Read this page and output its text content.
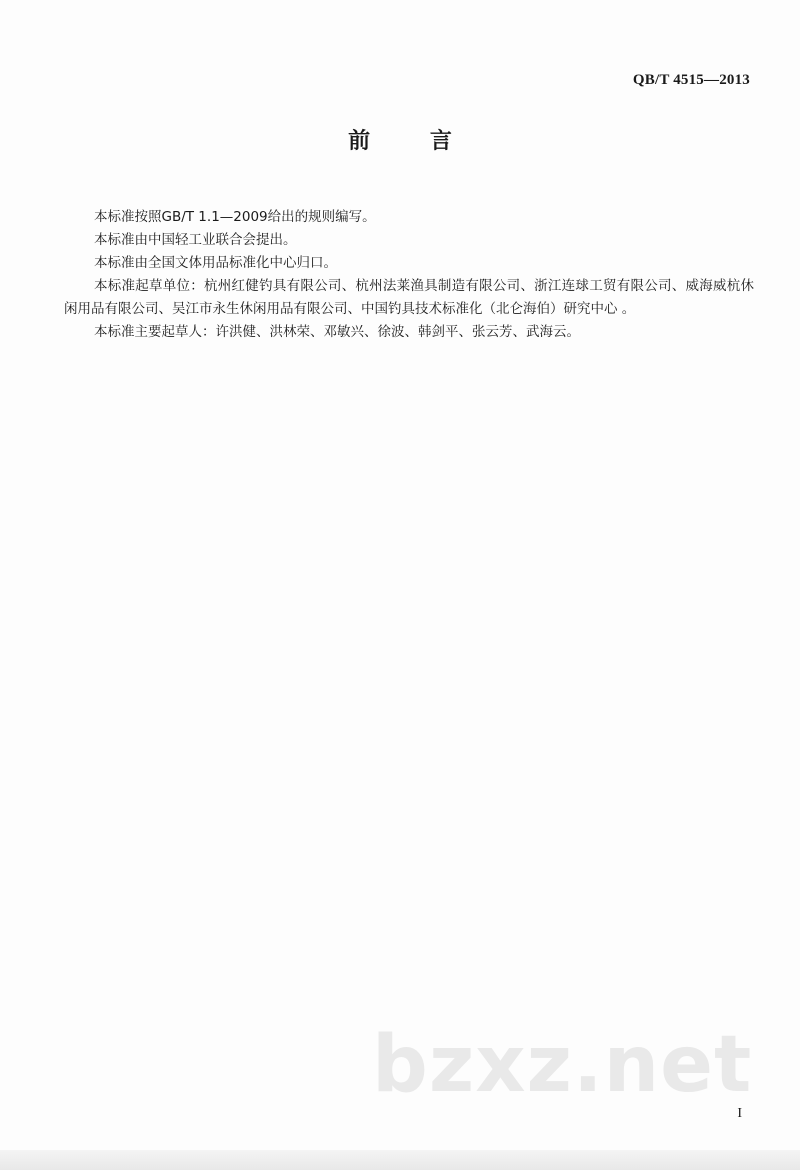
QB/T 4515—2013
前 言

本标准按照GB/T 1.1—2009给出的规则编写。

本标准由中国轻工业联合会提出。

本标准由全国文体用品标准化中心归口。

本标准起草单位：杭州红健钓具有限公司、杭州法莱渔具制造有限公司、浙江连球工贸有限公司、威海威杭休闲用品有限公司、吴江市永生休闲用品有限公司、中国钓具技术标准化（北仑海伯）研究中心 。

本标准主要起草人：许洪健、洪林荣、邓敏兴、徐波、韩剑平、张云芳、武海云。

bzxz.net
I
